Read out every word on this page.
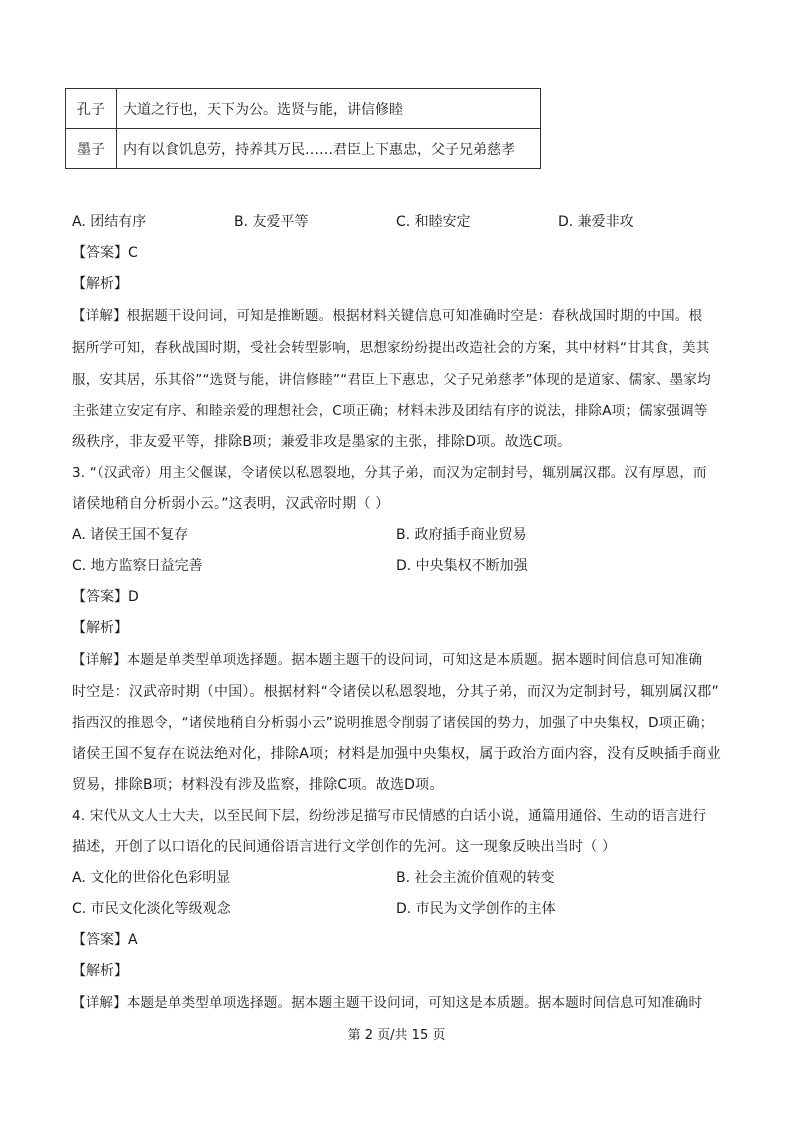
孔子	大道之行也，天下为公。选贤与能，讲信修睦
墨子	内有以食饥息劳，持养其万民……君臣上下惠忠，父子兄弟慈孝
A. 团结有序	B. 友爱平等	C. 和睦安定	D. 兼爱非攻
【答案】C
【解析】
【详解】根据题干设问词，可知是推断题。根据材料关键信息可知准确时空是：春秋战国时期的中国。根
据所学可知，春秋战国时期，受社会转型影响，思想家纷纷提出改造社会的方案，其中材料“甘其食，美其
服，安其居，乐其俗”“选贤与能，讲信修睦”“君臣上下惠忠，父子兄弟慈孝”体现的是道家、儒家、墨家均
主张建立安定有序、和睦亲爱的理想社会，C项正确；材料未涉及团结有序的说法，排除A项；儒家强调等
级秩序，非友爱平等，排除B项；兼爱非攻是墨家的主张，排除D项。故选C项。
3. “（汉武帝）用主父偃谋，令诸侯以私恩裂地，分其子弟，而汉为定制封号，辄别属汉郡。汉有厚恩，而
诸侯地稍自分析弱小云。”这表明，汉武帝时期（ ）
A. 诸侯王国不复存	B. 政府插手商业贸易
C. 地方监察日益完善	D. 中央集权不断加强
【答案】D
【解析】
【详解】本题是单类型单项选择题。据本题主题干的设问词，可知这是本质题。据本题时间信息可知准确
时空是：汉武帝时期（中国）。根据材料“令诸侯以私恩裂地，分其子弟，而汉为定制封号，辄别属汉郡”
指西汉的推恩令，“诸侯地稍自分析弱小云”说明推恩令削弱了诸侯国的势力，加强了中央集权，D项正确；
诸侯王国不复存在说法绝对化，排除A项；材料是加强中央集权，属于政治方面内容，没有反映插手商业
贸易，排除B项；材料没有涉及监察，排除C项。故选D项。
4. 宋代从文人士大夫，以至民间下层，纷纷涉足描写市民情感的白话小说，通篇用通俗、生动的语言进行
描述，开创了以口语化的民间通俗语言进行文学创作的先河。这一现象反映出当时（ ）
A. 文化的世俗化色彩明显	B. 社会主流价值观的转变
C. 市民文化淡化等级观念	D. 市民为文学创作的主体
【答案】A
【解析】
【详解】本题是单类型单项选择题。据本题主题干设问词，可知这是本质题。据本题时间信息可知准确时
第 2 页/共 15 页
